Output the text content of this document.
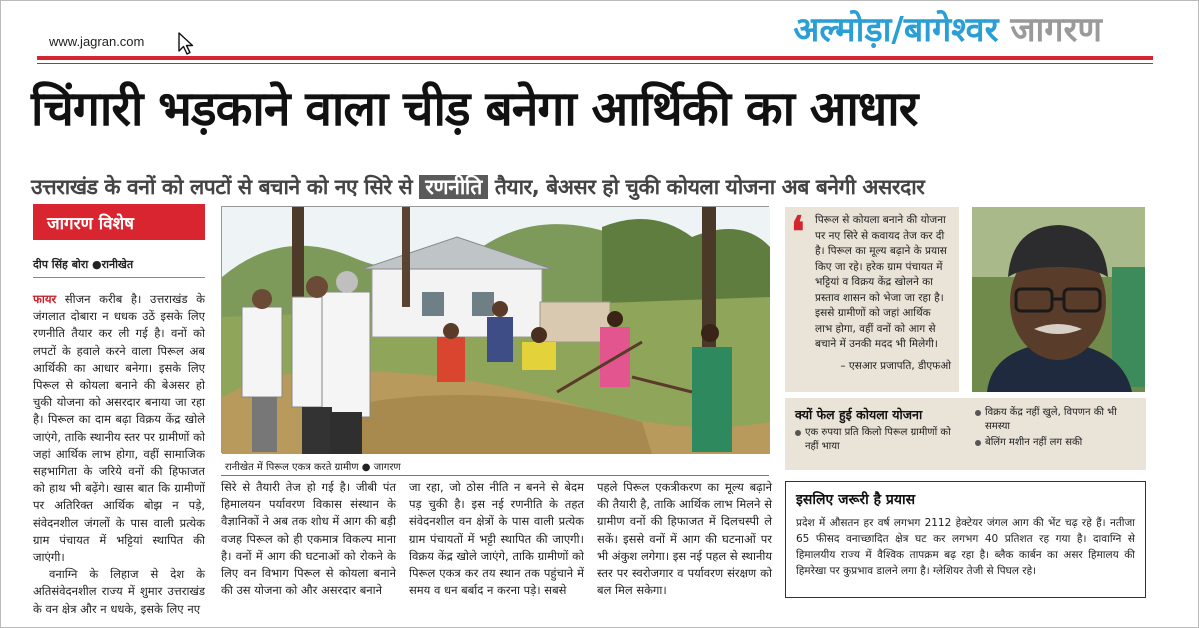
www.jagran.com	अल्मोड़ा/बागेश्वर जागरण
चिंगारी भड़काने वाला चीड़ बनेगा आर्थिकी का आधार
उत्तराखंड के वनों को लपटों से बचाने को नए सिरे से रणनीति तैयार, बेअसर हो चुकी कोयला योजना अब बनेगी असरदार
जागरण विशेष
दीप सिंह बोरा ●रानीखेत

फायर सीजन करीब है। उत्तराखंड के जंगलात दोबारा न धधक उठें इसके लिए रणनीति तैयार कर ली गई है। वनों को लपटों के हवाले करने वाला पिरूल अब आर्थिकी का आधार बनेगा। इसके लिए पिरूल से कोयला बनाने की बेअसर हो चुकी योजना को असरदार बनाया जा रहा है। पिरूल का दाम बढ़ा विक्रय केंद्र खोले जाएंगे, ताकि स्थानीय स्तर पर ग्रामीणों को जहां आर्थिक लाभ होगा, वहीं सामाजिक सहभागिता के जरिये वनों की हिफाजत को हाथ भी बढ़ेंगे। खास बात कि ग्रामीणों पर अतिरिक्त आर्थिक बोझ न पड़े, संवेदनशील जंगलों के पास वाली प्रत्येक ग्राम पंचायत में भट्टियां स्थापित की जाएंगी।

वनाग्नि के लिहाज से देश के अतिसंवेदनशील राज्य में शुमार उत्तराखंड के वन क्षेत्र और न धधके, इसके लिए नए

रानीखेत में पिरूल एकत्र करते ग्रामीण ● जागरण
सिरे से तैयारी तेज हो गई है। जीबी पंत हिमालयन पर्यावरण विकास संस्थान के वैज्ञानिकों ने अब तक शोध में आग की बड़ी वजह पिरूल को ही एकमात्र विकल्प माना है। वनों में आग की घटनाओं को रोकने के लिए वन विभाग पिरूल से कोयला बनाने की उस योजना को और असरदार बनाने
जा रहा, जो ठोस नीति न बनने से बेदम पड़ चुकी है। इस नई रणनीति के तहत संवेदनशील वन क्षेत्रों के पास वाली प्रत्येक ग्राम पंचायतों में भट्टी स्थापित की जाएगी। विक्रय केंद्र खोले जाएंगे, ताकि ग्रामीणों को पिरूल एकत्र कर तय स्थान तक पहुंचाने में समय व धन बर्बाद न करना पड़े। सबसे
पहले पिरूल एकत्रीकरण का मूल्य बढ़ाने की तैयारी है, ताकि आर्थिक लाभ मिलने से ग्रामीण वनों की हिफाजत में दिलचस्पी ले सकें। इससे वनों में आग की घटनाओं पर भी अंकुश लगेगा। इस नई पहल से स्थानीय स्तर पर स्वरोजगार व पर्यावरण संरक्षण को बल मिल सकेगा।
❛ पिरूल से कोयला बनाने की योजना पर नए सिरे से कवायद तेज कर दी है। पिरूल का मूल्य बढ़ाने के प्रयास किए जा रहे। हरेक ग्राम पंचायत में भट्टियां व विक्रय केंद्र खोलने का प्रस्ताव शासन को भेजा जा रहा है। इससे ग्रामीणों को जहां आर्थिक लाभ होगा, वहीं वनों को आग से बचाने में उनकी मदद भी मिलेगी।
– एसआर प्रजापति, डीएफओ
क्यों फेल हुई कोयला योजना
एक रुपया प्रति किलो पिरूल ग्रामीणों को नहीं भाया
विक्रय केंद्र नहीं खुले, विपणन की भी समस्या
बेलिंग मशीन नहीं लग सकी
इसलिए जरूरी है प्रयास
प्रदेश में औसतन हर वर्ष लगभग 2112 हेक्टेयर जंगल आग की भेंट चढ़ रहे हैं। नतीजा 65 फीसद वनाच्छादित क्षेत्र घट कर लगभग 40 प्रतिशत रह गया है। दावाग्नि से हिमालयीय राज्य में वैश्विक तापक्रम बढ़ रहा है। ब्लैक कार्बन का असर हिमालय की हिमरेखा पर कुप्रभाव डालने लगा है। ग्लेशियर तेजी से पिघल रहे।
